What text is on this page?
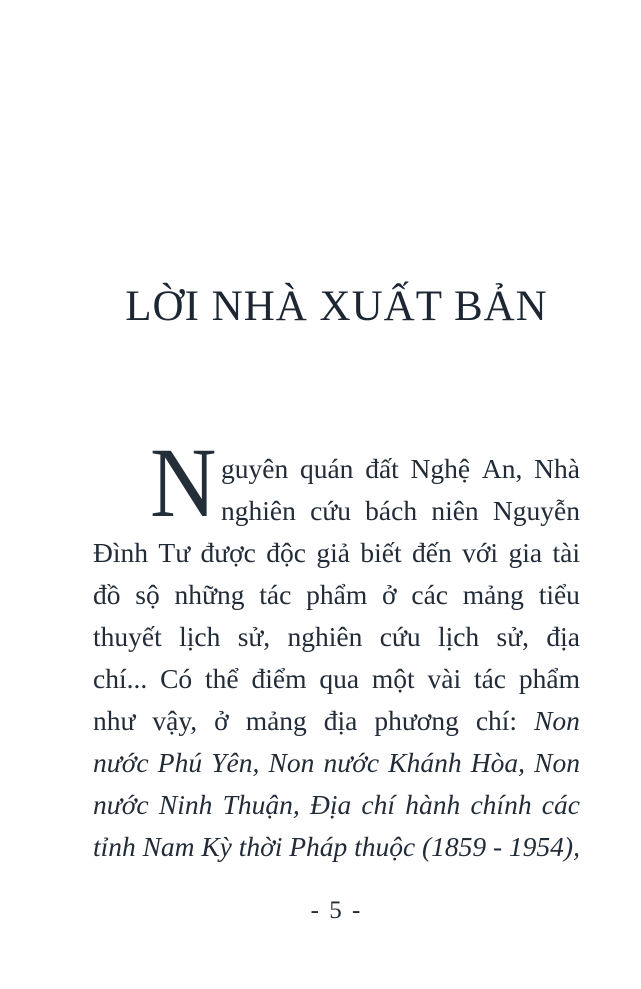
LỜI NHÀ XUẤT BẢN
N guyên quán đất Nghệ An, Nhà
nghiên cứu bách niên Nguyễn
Đình Tư được độc giả biết đến với gia tài
đồ sộ những tác phẩm ở các mảng tiểu
thuyết lịch sử, nghiên cứu lịch sử, địa
chí... Có thể điểm qua một vài tác phẩm
như vậy, ở mảng địa phương chí: Non
nước Phú Yên, Non nước Khánh Hòa, Non
nước Ninh Thuận, Địa chí hành chính các
tỉnh Nam Kỳ thời Pháp thuộc (1859 - 1954),
- 5 -
